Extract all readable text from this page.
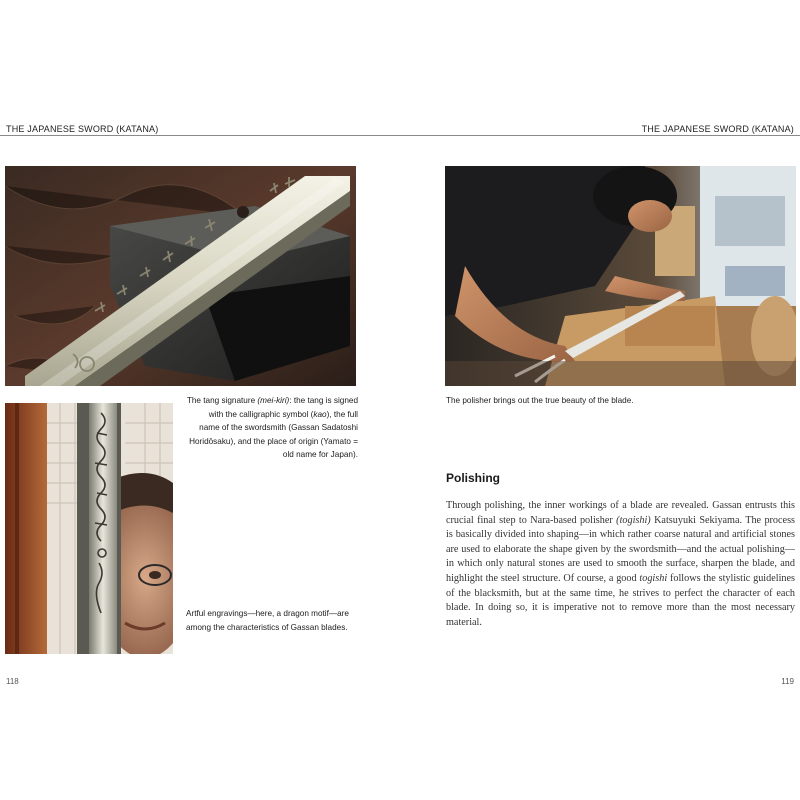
THE JAPANESE SWORD (KATANA)	THE JAPANESE SWORD (KATANA)
The tang signature (mei-kiri): the tang is signed with the calligraphic symbol (kao), the full name of the swordsmith (Gassan Sadatoshi Horidōsaku), and the place of origin (Yamato = old name for Japan).
Artful engravings—here, a dragon motif—are among the characteristics of Gassan blades.
The polisher brings out the true beauty of the blade.
Polishing
Through polishing, the inner workings of a blade are revealed. Gassan entrusts this crucial final step to Nara-based polisher (togishi) Katsuyuki Sekiyama. The process is basically divided into shaping—in which rather coarse natural and artificial stones are used to elaborate the shape given by the swordsmith—and the actual polishing—in which only natural stones are used to smooth the surface, sharpen the blade, and highlight the steel structure. Of course, a good togishi follows the stylistic guidelines of the blacksmith, but at the same time, he strives to perfect the character of each blade. In doing so, it is imperative not to remove more than the most necessary material.
118	119
